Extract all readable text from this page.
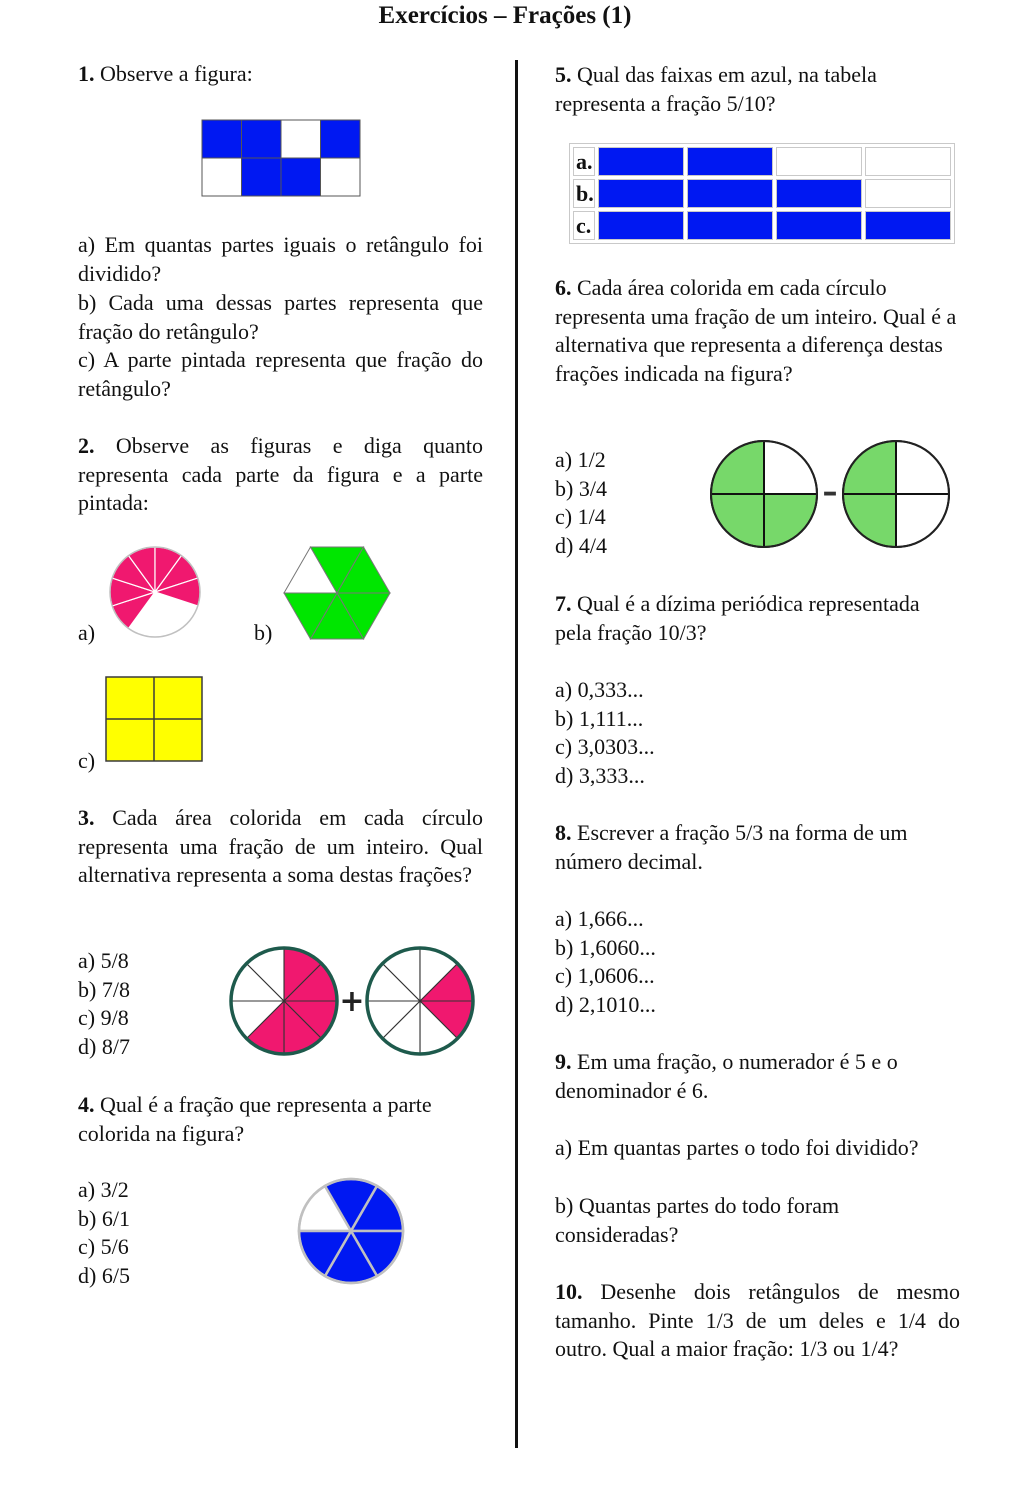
Exercícios – Frações (1)

1. Observe a figura:

a) Em quantas partes iguais o retângulo foi dividido?

b) Cada uma dessas partes representa que fração do retângulo?

c) A parte pintada representa que fração do retângulo?

2. Observe as figuras e diga quanto representa cada parte da figura e a parte pintada:

a)	b)

c)

3. Cada área colorida em cada círculo representa uma fração de um inteiro. Qual alternativa representa a soma destas frações?

a) 5/8

b) 7/8

c) 9/8

d) 8/7

+

4. Qual é a fração que representa a parte colorida na figura?

a) 3/2

b) 6/1

c) 5/6

d) 6/5

5. Qual das faixas em azul, na tabela representa a fração 5/10?

a.				
b.				
c.				

6. Cada área colorida em cada círculo representa uma fração de um inteiro. Qual é a alternativa que representa a diferença destas frações indicada na figura?

a) 1/2

b) 3/4

c) 1/4

d) 4/4

–

7. Qual é a dízima periódica representada pela fração 10/3?

a) 0,333...

b) 1,111...

c) 3,0303...

d) 3,333...

8. Escrever a fração 5/3 na forma de um número decimal.

a) 1,666...

b) 1,6060...

c) 1,0606...

d) 2,1010...

9. Em uma fração, o numerador é 5 e o denominador é 6.

a) Em quantas partes o todo foi dividido?

b) Quantas partes do todo foram consideradas?

10. Desenhe dois retângulos de mesmo tamanho. Pinte 1/3 de um deles e 1/4 do outro. Qual a maior fração: 1/3 ou 1/4?
